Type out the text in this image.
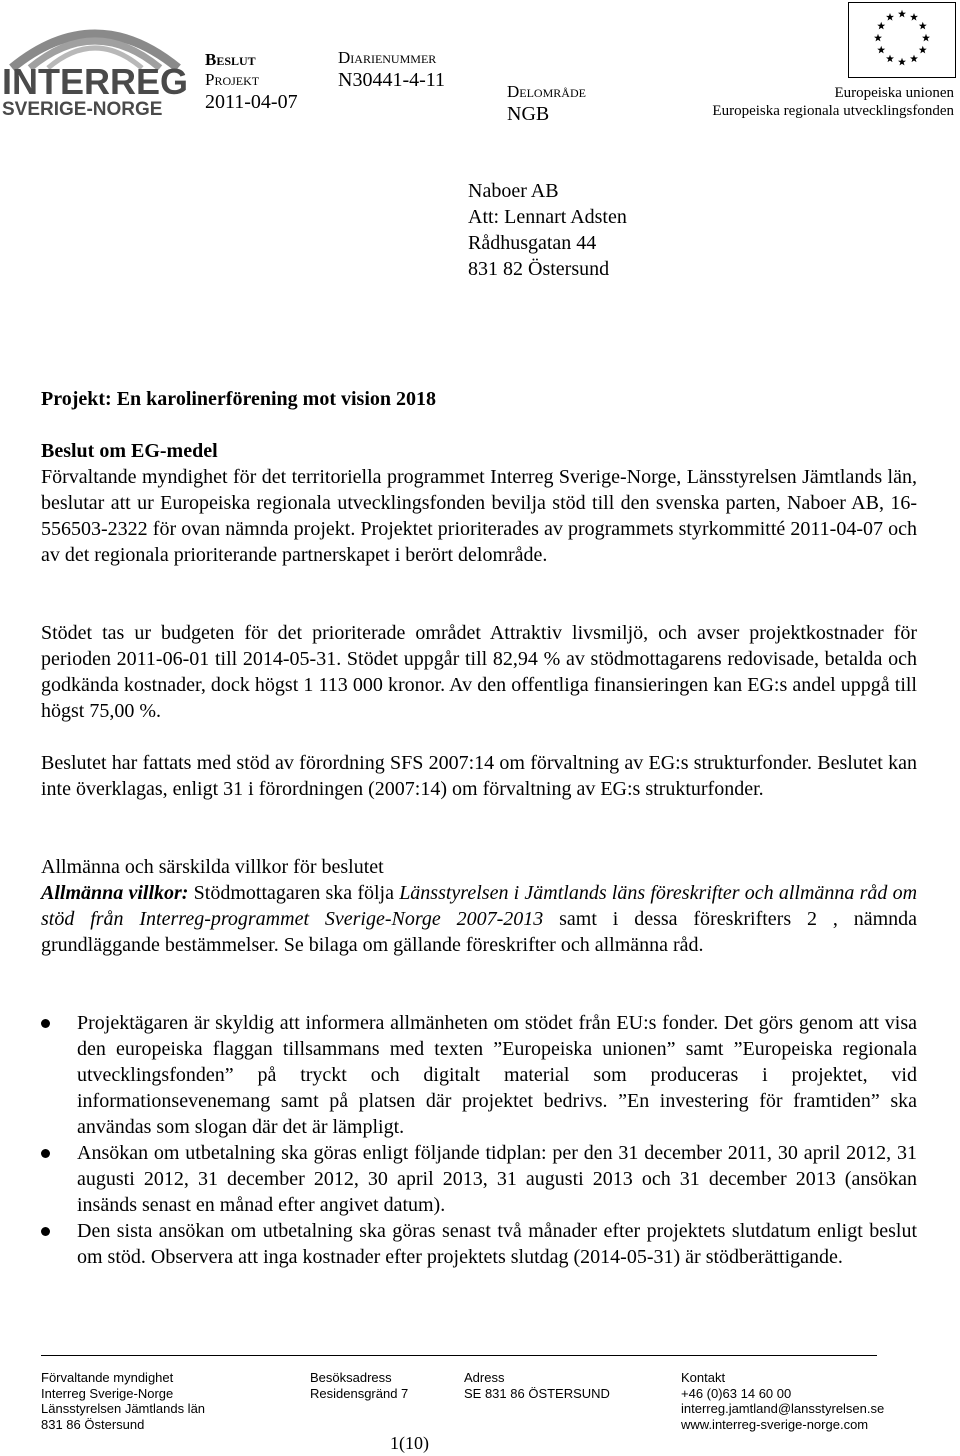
INTERREG
SVERIGE-NORGE
Beslut
Projekt
2011-04-07
Diarienummer
N30441-4-11
Delområde
NGB
Europeiska unionen
Europeiska regionala utvecklingsfonden
Naboer AB
Att: Lennart Adsten
Rådhusgatan 44
831 82 Östersund
Projekt: En karolinerförening mot vision 2018

Beslut om EG-medel

Förvaltande myndighet för det territoriella programmet Interreg Sverige-Norge, Länsstyrelsen Jämtlands län, beslutar att ur Europeiska regionala utvecklingsfonden bevilja stöd till den svenska parten, Naboer AB, 16-556503-2322 för ovan nämnda projekt. Projektet prioriterades av programmets styrkommitté 2011-04-07 och av det regionala prioriterande partnerskapet i berört delområde.

Stödet tas ur budgeten för det prioriterade området Attraktiv livsmiljö, och avser projektkostnader för perioden 2011-06-01 till 2014-05-31. Stödet uppgår till 82,94 % av stödmottagarens redovisade, betalda och godkända kostnader, dock högst 1 113 000 kronor. Av den offentliga finansieringen kan EG:s andel uppgå till högst 75,00 %.

Beslutet har fattats med stöd av förordning SFS 2007:14 om förvaltning av EG:s strukturfonder. Beslutet kan inte överklagas, enligt 31 i förordningen (2007:14) om förvaltning av EG:s strukturfonder.

Allmänna och särskilda villkor för beslutet

Allmänna villkor: Stödmottagaren ska följa Länsstyrelsen i Jämtlands läns föreskrifter och allmänna råd om stöd från Interreg-programmet Sverige-Norge 2007-2013 samt i dessa föreskrifters 2 , nämnda grundläggande bestämmelser. Se bilaga om gällande föreskrifter och allmänna råd.

Projektägaren är skyldig att informera allmänheten om stödet från EU:s fonder. Det görs genom att visa den europeiska flaggan tillsammans med texten ”Europeiska unionen” samt ”Europeiska regionala utvecklingsfonden” på tryckt och digitalt material som produceras i projektet, vid informationsevenemang samt på platsen där projektet bedrivs. ”En investering för framtiden” ska användas som slogan där det är lämpligt.
Ansökan om utbetalning ska göras enligt följande tidplan: per den 31 december 2011, 30 april 2012, 31 augusti 2012, 31 december 2012, 30 april 2013, 31 augusti 2013 och 31 december 2013 (ansökan insänds senast en månad efter angivet datum).
Den sista ansökan om utbetalning ska göras senast två månader efter projektets slutdatum enligt beslut om stöd. Observera att inga kostnader efter projektets slutdag (2014-05-31) är stödberättigande.
Förvaltande myndighet
Interreg Sverige-Norge
Länsstyrelsen Jämtlands län
831 86 Östersund
Besöksadress
Residensgränd 7
Adress
SE 831 86 ÖSTERSUND
Kontakt
+46 (0)63 14 60 00
interreg.jamtland@lansstyrelsen.se
www.interreg-sverige-norge.com
1(10)
